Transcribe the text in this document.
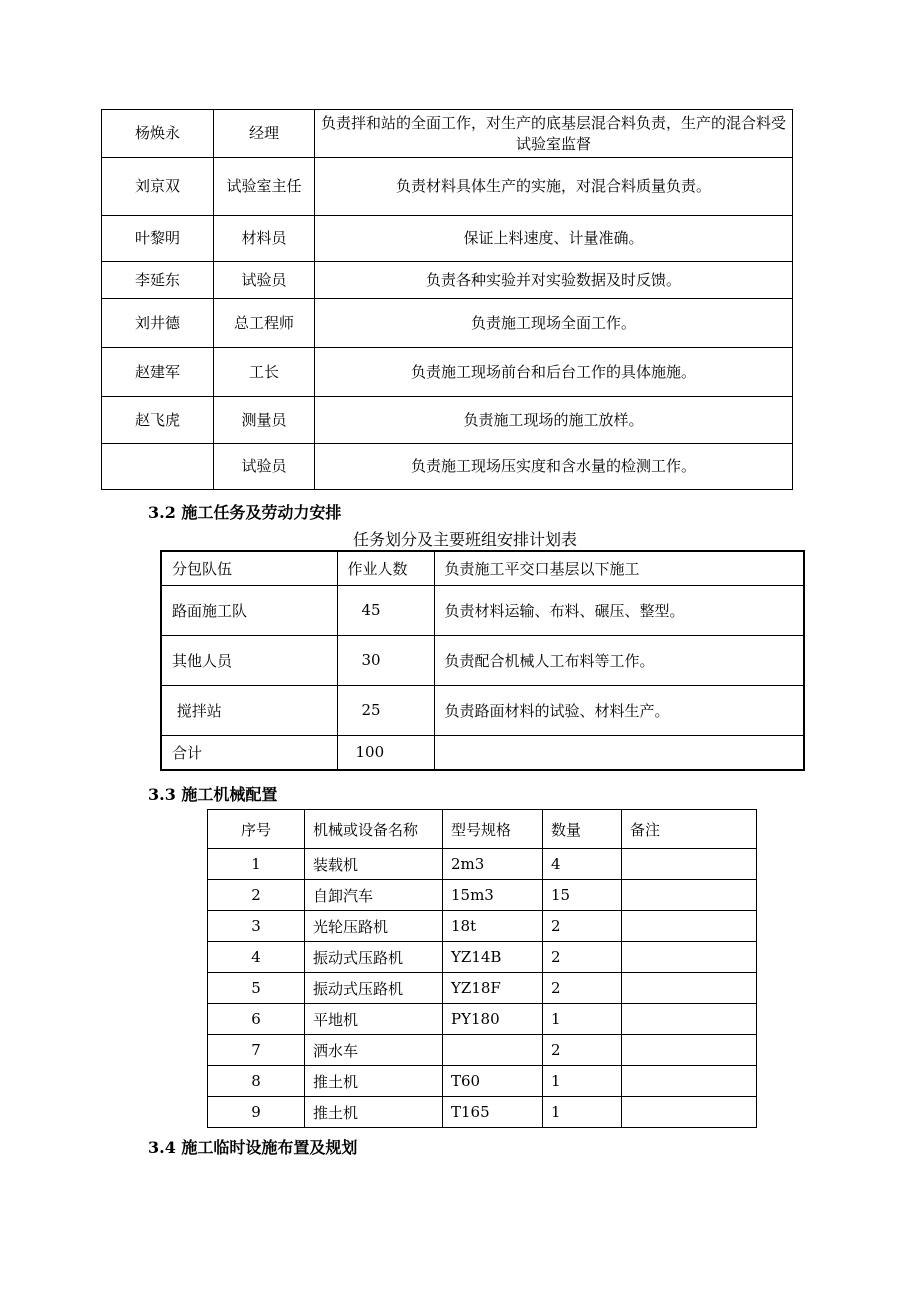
杨焕永	经理	负责拌和站的全面工作，对生产的底基层混合料负责，生产的混合料受试验室监督
刘京双	试验室主任	负责材料具体生产的实施，对混合料质量负责。
叶黎明	材料员	保证上料速度、计量准确。
李延东	试验员	负责各种实验并对实验数据及时反馈。
刘井德	总工程师	负责施工现场全面工作。
赵建军	工长	负责施工现场前台和后台工作的具体施施。
赵飞虎	测量员	负责施工现场的施工放样。
	试验员	负责施工现场压实度和含水量的检测工作。
3.2 施工任务及劳动力安排
任务划分及主要班组安排计划表
分包队伍	作业人数	负责施工平交口基层以下施工
路面施工队	45	负责材料运输、布料、碾压、整型。
其他人员	30	负责配合机械人工布料等工作。
搅拌站	25	负责路面材料的试验、材料生产。
合计	100	
3.3 施工机械配置
序号	机械或设备名称	型号规格	数量	备注
1	装载机	2m3	4	
2	自卸汽车	15m3	15	
3	光轮压路机	18t	2	
4	振动式压路机	YZ14B	2	
5	振动式压路机	YZ18F	2	
6	平地机	PY180	1	
7	洒水车		2	
8	推土机	T60	1	
9	推土机	T165	1	
3.4 施工临时设施布置及规划
